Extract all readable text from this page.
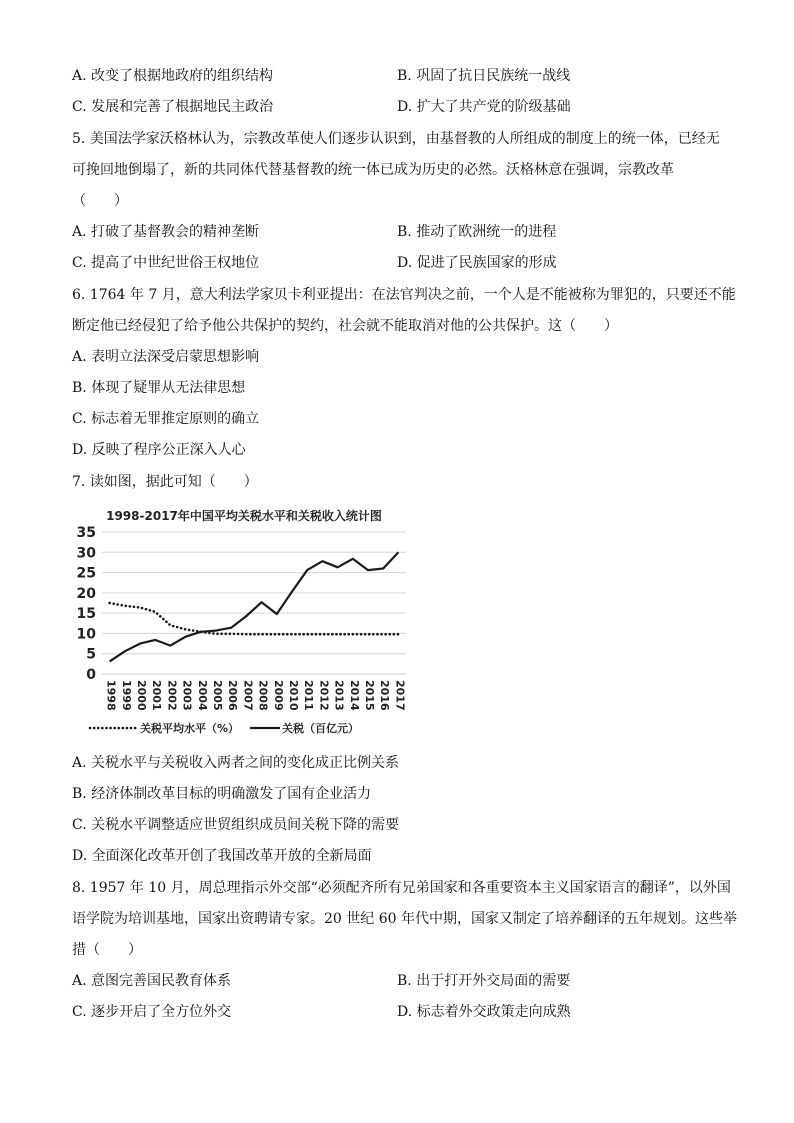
A. 改变了根据地政府的组织结构	B. 巩固了抗日民族统一战线
C. 发展和完善了根据地民主政治	D. 扩大了共产党的阶级基础
5. 美国法学家沃格林认为，宗教改革使人们逐步认识到，由基督教的人所组成的制度上的统一体，已经无
可挽回地倒塌了，新的共同体代替基督教的统一体已成为历史的必然。沃格林意在强调，宗教改革
（　　）
A. 打破了基督教会的精神垄断	B. 推动了欧洲统一的进程
C. 提高了中世纪世俗王权地位	D. 促进了民族国家的形成
6. 1764 年 7 月，意大利法学家贝卡利亚提出：在法官判决之前，一个人是不能被称为罪犯的，只要还不能
断定他已经侵犯了给予他公共保护的契约，社会就不能取消对他的公共保护。这（　　）
A. 表明立法深受启蒙思想影响
B. 体现了疑罪从无法律思想
C. 标志着无罪推定原则的确立
D. 反映了程序公正深入人心
7. 读如图，据此可知（　　）
1998-2017年中国平均关税水平和关税收入统计图
0
5
10
15
20
25
30
35
1998 1999 2000 2001 2002 2003 2004 2005 2006 2007 2008 2009 2010 2011 2012 2013 2014 2015 2016 2017
关税平均水平（%）	关税（百亿元）
A. 关税水平与关税收入两者之间的变化成正比例关系
B. 经济体制改革目标的明确激发了国有企业活力
C. 关税水平调整适应世贸组织成员间关税下降的需要
D. 全面深化改革开创了我国改革开放的全新局面
8. 1957 年 10 月，周总理指示外交部“必须配齐所有兄弟国家和各重要资本主义国家语言的翻译”，以外国
语学院为培训基地，国家出资聘请专家。20 世纪 60 年代中期，国家又制定了培养翻译的五年规划。这些举
措（　　）
A. 意图完善国民教育体系	B. 出于打开外交局面的需要
C. 逐步开启了全方位外交	D. 标志着外交政策走向成熟
